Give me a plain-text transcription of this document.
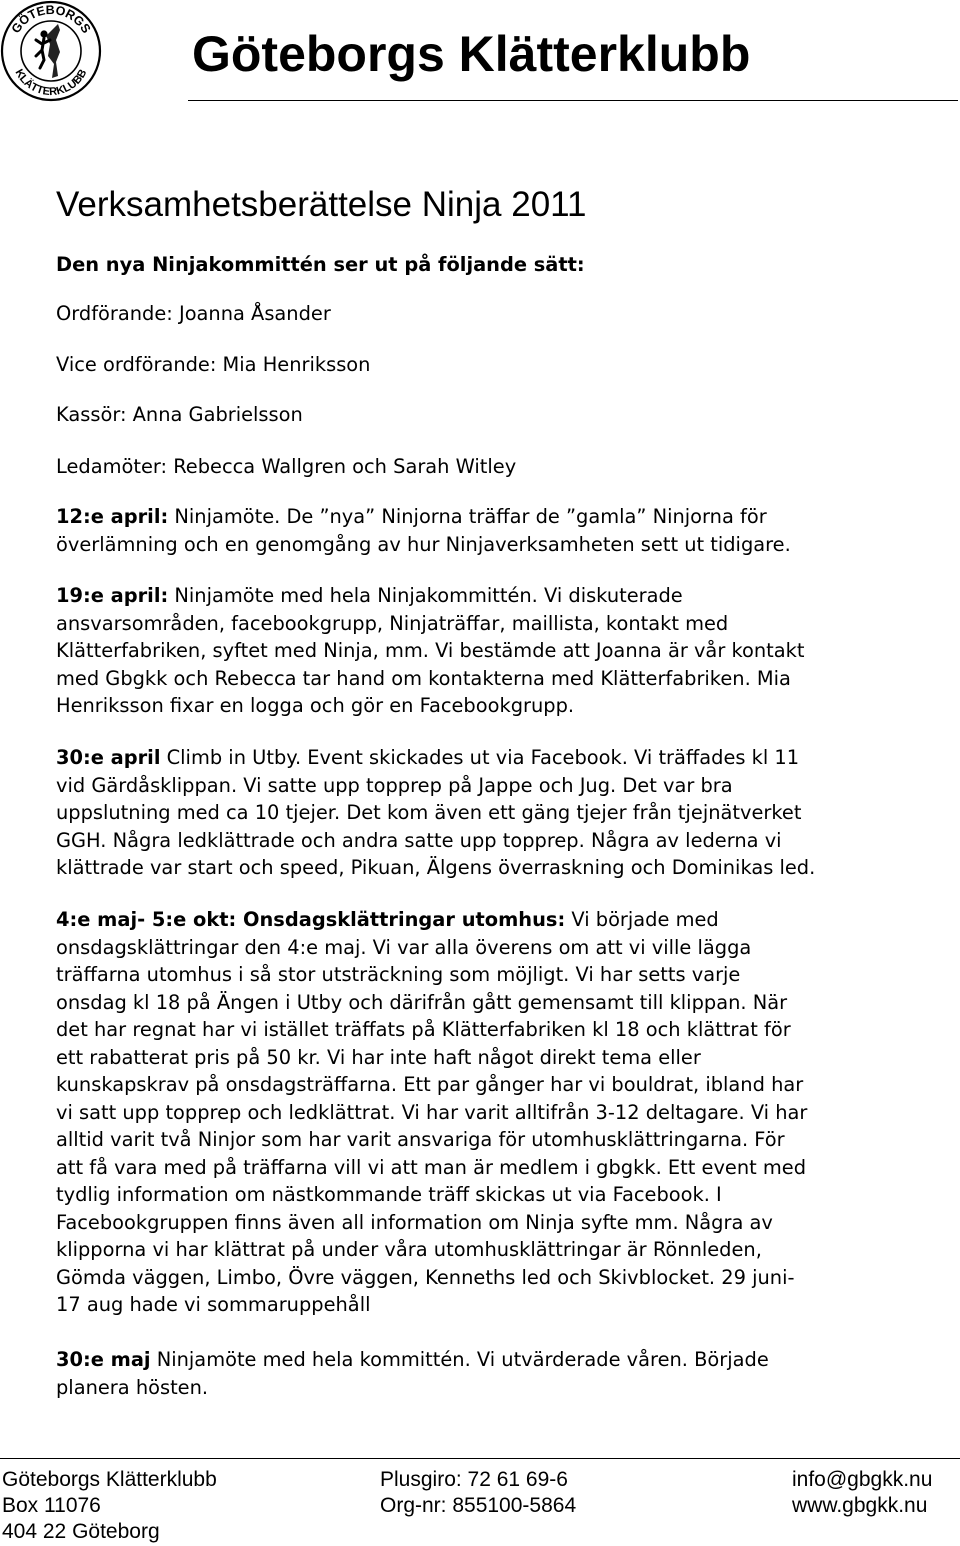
GÖTEBORGS
KLÄTTERKLUBB Göteborgs Klätterklubb
Verksamhetsberättelse Ninja 2011

Den nya Ninjakommittén ser ut på följande sätt:

Ordförande: Joanna Åsander

Vice ordförande: Mia Henriksson

Kassör: Anna Gabrielsson

Ledamöter: Rebecca Wallgren och Sarah Witley

12:e april: Ninjamöte. De ”nya” Ninjorna träffar de ”gamla” Ninjorna för
överlämning och en genomgång av hur Ninjaverksamheten sett ut tidigare.
19:e april: Ninjamöte med hela Ninjakommittén. Vi diskuterade
ansvarsområden, facebookgrupp, Ninjaträffar, maillista, kontakt med
Klätterfabriken, syftet med Ninja, mm. Vi bestämde att Joanna är vår kontakt
med Gbgkk och Rebecca tar hand om kontakterna med Klätterfabriken. Mia
Henriksson fixar en logga och gör en Facebookgrupp.
30:e april Climb in Utby. Event skickades ut via Facebook. Vi träffades kl 11
vid Gärdåsklippan. Vi satte upp topprep på Jappe och Jug. Det var bra
uppslutning med ca 10 tjejer. Det kom även ett gäng tjejer från tjejnätverket
GGH. Några ledklättrade och andra satte upp topprep. Några av lederna vi
klättrade var start och speed, Pikuan, Älgens överraskning och Dominikas led.
4:e maj- 5:e okt: Onsdagsklättringar utomhus: Vi började med
onsdagsklättringar den 4:e maj. Vi var alla överens om att vi ville lägga
träffarna utomhus i så stor utsträckning som möjligt. Vi har setts varje
onsdag kl 18 på Ängen i Utby och därifrån gått gemensamt till klippan. När
det har regnat har vi istället träffats på Klätterfabriken kl 18 och klättrat för
ett rabatterat pris på 50 kr. Vi har inte haft något direkt tema eller
kunskapskrav på onsdagsträffarna. Ett par gånger har vi bouldrat, ibland har
vi satt upp topprep och ledklättrat. Vi har varit alltifrån 3-12 deltagare. Vi har
alltid varit två Ninjor som har varit ansvariga för utomhusklättringarna. För
att få vara med på träffarna vill vi att man är medlem i gbgkk. Ett event med
tydlig information om nästkommande träff skickas ut via Facebook. I
Facebookgruppen finns även all information om Ninja syfte mm. Några av
klipporna vi har klättrat på under våra utomhusklättringar är Rönnleden,
Gömda väggen, Limbo, Övre väggen, Kenneths led och Skivblocket. 29 juni-
17 aug hade vi sommaruppehåll
30:e maj Ninjamöte med hela kommittén. Vi utvärderade våren. Började
planera hösten.

Göteborgs Klätterklubb

Box 11076

404 22 Göteborg

Plusgiro: 72 61 69-6

Org-nr: 855100-5864

info@gbgkk.nu

www.gbgkk.nu
